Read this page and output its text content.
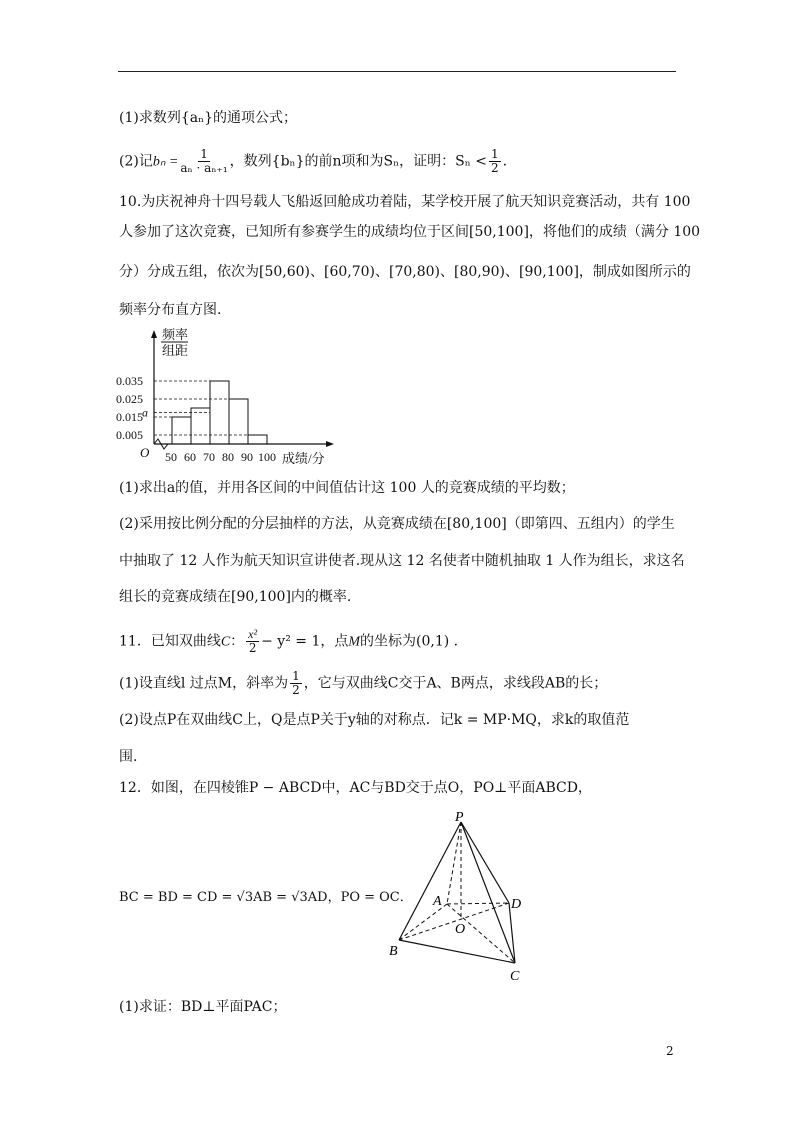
(1)求数列{aₙ}的通项公式；
(2)记$b_n = \frac{1}{\text{aₙ · aₙ₊₁}}$ ，数列{bₙ}的前n项和为Sₙ，证明：$S_n < \frac{1}{2}$ .
10.为庆祝神舟十四号载人飞船返回舱成功着陆，某学校开展了航天知识竞赛活动，共有 100
人参加了这次竞赛，已知所有参赛学生的成绩均位于区间[50,100]，将他们的成绩（满分 100
分）分成五组，依次为[50,60)、[60,70)、[70,80)、[80,90)、[90,100]，制成如图所示的
频率分布直方图.
频率
组距
O
0.005
a
0.015
0.025
0.035
50 60 70 80 90 100 成绩/分
(1)求出a的值，并用各区间的中间值估计这 100 人的竞赛成绩的平均数；
(2)采用按比例分配的分层抽样的方法，从竞赛成绩在[80,100]（即第四、五组内）的学生
中抽取了 12 人作为航天知识宣讲使者.现从这 12 名使者中随机抽取 1 人作为组长，求这名
组长的竞赛成绩在[90,100]内的概率.
11．已知双曲线C： $\frac{\text{x²}}{2} - y^2 = 1$，点M的坐标为(0,1) .
(1)设直线l 过点M，斜率为 $\frac{1}{2}$ ，它与双曲线C交于A、B两点，求线段AB的长；
(2)设点P在双曲线C上，Q是点P关于y轴的对称点．记k = MP·MQ，求k的取值范
围.
12．如图，在四棱锥P − ABCD中，AC与BD交于点O，PO⊥平面ABCD，
BC = BD = CD = √3AB = √3AD，PO = OC．
P
A	D
O
B
C
(1)求证：BD⊥平面PAC；
2
